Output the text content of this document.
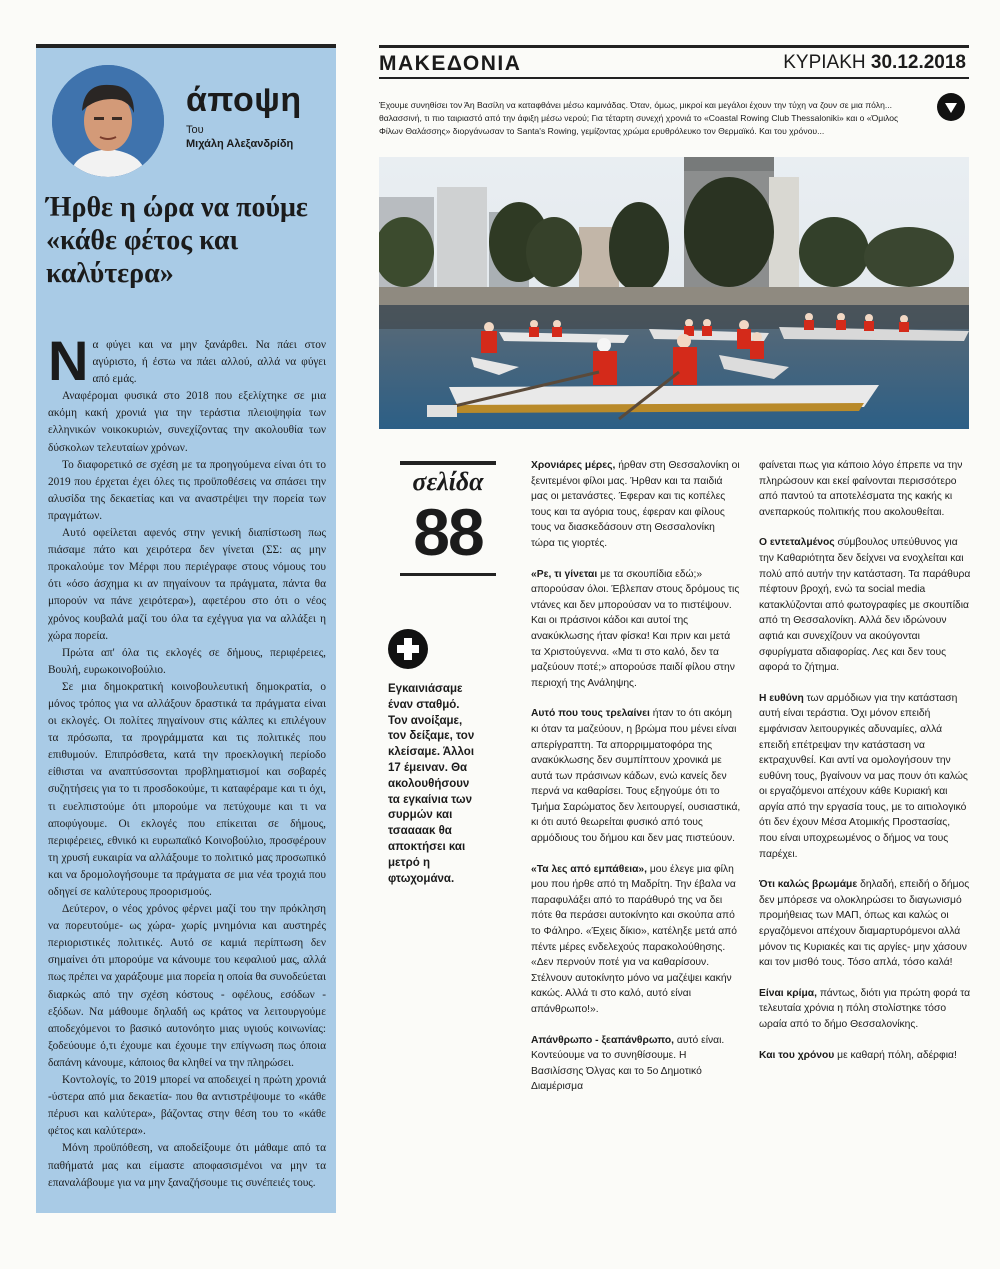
άποψη
Του
Μιχάλη Αλεξανδρίδη
Ήρθε η ώρα να πούμε «κάθε φέτος και καλύτερα»

Να φύγει και να μην ξανάρθει. Να πάει στον αγύριστο, ή έστω να πάει αλλού, αλλά να φύγει από εμάς.

Αναφέρομαι φυσικά στο 2018 που εξελίχτηκε σε μια ακόμη κακή χρονιά για την τεράστια πλειοψηφία των ελληνικών νοικοκυριών, συνεχίζοντας την ακολουθία των δύσκολων τελευταίων χρόνων.

Το διαφορετικό σε σχέση με τα προηγούμενα είναι ότι το 2019 που έρχεται έχει όλες τις προϋποθέσεις να σπάσει την αλυσίδα της δεκαετίας και να αναστρέψει την πορεία των πραγμάτων.

Αυτό οφείλεται αφενός στην γενική διαπίστωση πως πιάσαμε πάτο και χειρότερα δεν γίνεται (ΣΣ: ας μην προκαλούμε τον Μέρφι που περιέγραφε στους νόμους του ότι «όσο άσχημα κι αν πηγαίνουν τα πράγματα, πάντα θα μπορούν να πάνε χειρότερα»), αφετέρου στο ότι ο νέος χρόνος κουβαλά μαζί του όλα τα εχέγγυα για να αλλάξει η χώρα πορεία.

Πρώτα απ' όλα τις εκλογές σε δήμους, περιφέρειες, Βουλή, ευρωκοινοβούλιο.

Σε μια δημοκρατική κοινοβουλευτική δημοκρατία, ο μόνος τρόπος για να αλλάξουν δραστικά τα πράγματα είναι οι εκλογές. Οι πολίτες πηγαίνουν στις κάλπες κι επιλέγουν τα πρόσωπα, τα προγράμματα και τις πολιτικές που επιθυμούν. Επιπρόσθετα, κατά την προεκλογική περίοδο είθισται να αναπτύσσονται προβληματισμοί και σοβαρές συζητήσεις για το τι προσδοκούμε, τι καταφέραμε και τι όχι, τι ευελπιστούμε ότι μπορούμε να πετύχουμε και τι να αποφύγουμε. Οι εκλογές που επίκειται σε δήμους, περιφέρειες, εθνικό κι ευρωπαϊκό Κοινοβούλιο, προσφέρουν τη χρυσή ευκαιρία να αλλάξουμε το πολιτικό μας προσωπικό και να δρομολογήσουμε τα πράγματα σε μια νέα τροχιά που οδηγεί σε καλύτερους προορισμούς.

Δεύτερον, ο νέος χρόνος φέρνει μαζί του την πρόκληση να πορευτούμε- ως χώρα- χωρίς μνημόνια και αυστηρές περιοριστικές πολιτικές. Αυτό σε καμιά περίπτωση δεν σημαίνει ότι μπορούμε να κάνουμε του κεφαλιού μας, αλλά πως πρέπει να χαράξουμε μια πορεία η οποία θα συνοδεύεται διαρκώς από την σχέση κόστους - οφέλους, εσόδων - εξόδων. Να μάθουμε δηλαδή ως κράτος να λειτουργούμε αποδεχόμενοι το βασικό αυτονόητο μιας υγιούς κοινωνίας: ξοδεύουμε ό,τι έχουμε και έχουμε την επίγνωση πως όποια δαπάνη κάνουμε, κάποιος θα κληθεί να την πληρώσει.

Κοντολογίς, το 2019 μπορεί να αποδειχεί η πρώτη χρονιά -ύστερα από μια δεκαετία- που θα αντιστρέψουμε το «κάθε πέρυσι και καλύτερα», βάζοντας στην θέση του το «κάθε φέτος και καλύτερα».

Μόνη προϋπόθεση, να αποδείξουμε ότι μάθαμε από τα παθήματά μας και είμαστε αποφασισμένοι να μην τα επαναλάβουμε για να μην ξαναζήσουμε τις συνέπειές τους.

ΜΑΚΕΔΟΝΙΑ	ΚΥΡΙΑΚΗ 30.12.2018
Έχουμε συνηθίσει τον Άη Βασίλη να καταφθάνει μέσω καμινάδας. Όταν, όμως, μικροί και μεγάλοι έχουν την τύχη να ζουν σε μια πόλη... θαλασσινή, τι πιο ταιριαστό από την άφιξη μέσω νερού; Για τέταρτη συνεχή χρονιά το «Coastal Rowing Club Thessaloniki» και ο «Όμιλος Φίλων Θαλάσσης» διοργάνωσαν το Santa's Rowing, γεμίζοντας χρώμα ερυθρόλευκο τον Θερμαϊκό. Και του χρόνου...
σελίδα
88
Εγκαινιάσαμε έναν σταθμό. Τον ανοίξαμε, τον δείξαμε, τον κλείσαμε. Άλλοι 17 έμειναν. Θα ακολουθήσουν τα εγκαίνια των συρμών και τσαααακ θα αποκτήσει και μετρό η φτωχομάνα.

Χρονιάρες μέρες, ήρθαν στη Θεσσαλονίκη οι ξενιτεμένοι φίλοι μας. Ήρθαν και τα παιδιά μας οι μετανάστες. Έφεραν και τις κοπέλες τους και τα αγόρια τους, έφεραν και φίλους τους να διασκεδάσουν στη Θεσσαλονίκη τώρα τις γιορτές.

«Ρε, τι γίνεται με τα σκουπίδια εδώ;» απορούσαν όλοι. Έβλεπαν στους δρόμους τις ντάνες και δεν μπορούσαν να το πιστέψουν. Και οι πράσινοι κάδοι και αυτοί της ανακύκλωσης ήταν φίσκα! Και πριν και μετά τα Χριστούγεννα. «Μα τι στο καλό, δεν τα μαζεύουν ποτέ;» απορούσε παιδί φίλου στην περιοχή της Ανάληψης.

Αυτό που τους τρελαίνει ήταν το ότι ακόμη κι όταν τα μαζεύουν, η βρώμα που μένει είναι απερίγραπτη. Τα απορριμματοφόρα της ανακύκλωσης δεν συμπίπτουν χρονικά με αυτά των πράσινων κάδων, ενώ κανείς δεν περνά να καθαρίσει. Τους εξηγούμε ότι το Τμήμα Σαρώματος δεν λειτουργεί, ουσιαστικά, κι ότι αυτό θεωρείται φυσικό από τους αρμόδιους του δήμου και δεν μας πιστεύουν.

«Τα λες από εμπάθεια», μου έλεγε μια φίλη μου που ήρθε από τη Μαδρίτη. Την έβαλα να παραφυλάξει από το παράθυρό της να δει πότε θα περάσει αυτοκίνητο και σκούπα από το Φάληρο. «Έχεις δίκιο», κατέληξε μετά από πέντε μέρες ενδελεχούς παρακολούθησης. «Δεν περνούν ποτέ για να καθαρίσουν. Στέλνουν αυτοκίνητο μόνο να μαζέψει κακήν κακώς. Αλλά τι στο καλό, αυτό είναι απάνθρωπο!».

Απάνθρωπο - ξεαπάνθρωπο, αυτό είναι. Κοντεύουμε να το συνηθίσουμε. Η Βασιλίσσης Όλγας και το 5ο Δημοτικό Διαμέρισμα

φαίνεται πως για κάποιο λόγο έπρεπε να την πληρώσουν και εκεί φαίνονται περισσότερο από παντού τα αποτελέσματα της κακής κι ανεπαρκούς πολιτικής που ακολουθείται.

Ο εντεταλμένος σύμβουλος υπεύθυνος για την Καθαριότητα δεν δείχνει να ενοχλείται και πολύ από αυτήν την κατάσταση. Τα παράθυρα πέφτουν βροχή, ενώ τα social media κατακλύζονται από φωτογραφίες με σκουπίδια από τη Θεσσαλονίκη. Αλλά δεν ιδρώνουν αφτιά και συνεχίζουν να ακούγονται σφυρίγματα αδιαφορίας. Λες και δεν τους αφορά το ζήτημα.

Η ευθύνη των αρμόδιων για την κατάσταση αυτή είναι τεράστια. Όχι μόνον επειδή εμφάνισαν λειτουργικές αδυναμίες, αλλά επειδή επέτρεψαν την κατάσταση να εκτραχυνθεί. Και αντί να ομολογήσουν την ευθύνη τους, βγαίνουν να μας πουν ότι καλώς οι εργαζόμενοι απέχουν κάθε Κυριακή και αργία από την εργασία τους, με το αιτιολογικό ότι δεν έχουν Μέσα Ατομικής Προστασίας, που είναι υποχρεωμένος ο δήμος να τους παρέχει.

Ότι καλώς βρωμάμε δηλαδή, επειδή ο δήμος δεν μπόρεσε να ολοκληρώσει το διαγωνισμό προμήθειας των ΜΑΠ, όπως και καλώς οι εργαζόμενοι απέχουν διαμαρτυρόμενοι αλλά μόνον τις Κυριακές και τις αργίες- μην χάσουν και τον μισθό τους. Τόσο απλά, τόσο καλά!

Είναι κρίμα, πάντως, διότι για πρώτη φορά τα τελευταία χρόνια η πόλη στολίστηκε τόσο ωραία από το δήμο Θεσσαλονίκης.

Και του χρόνου με καθαρή πόλη, αδέρφια!
